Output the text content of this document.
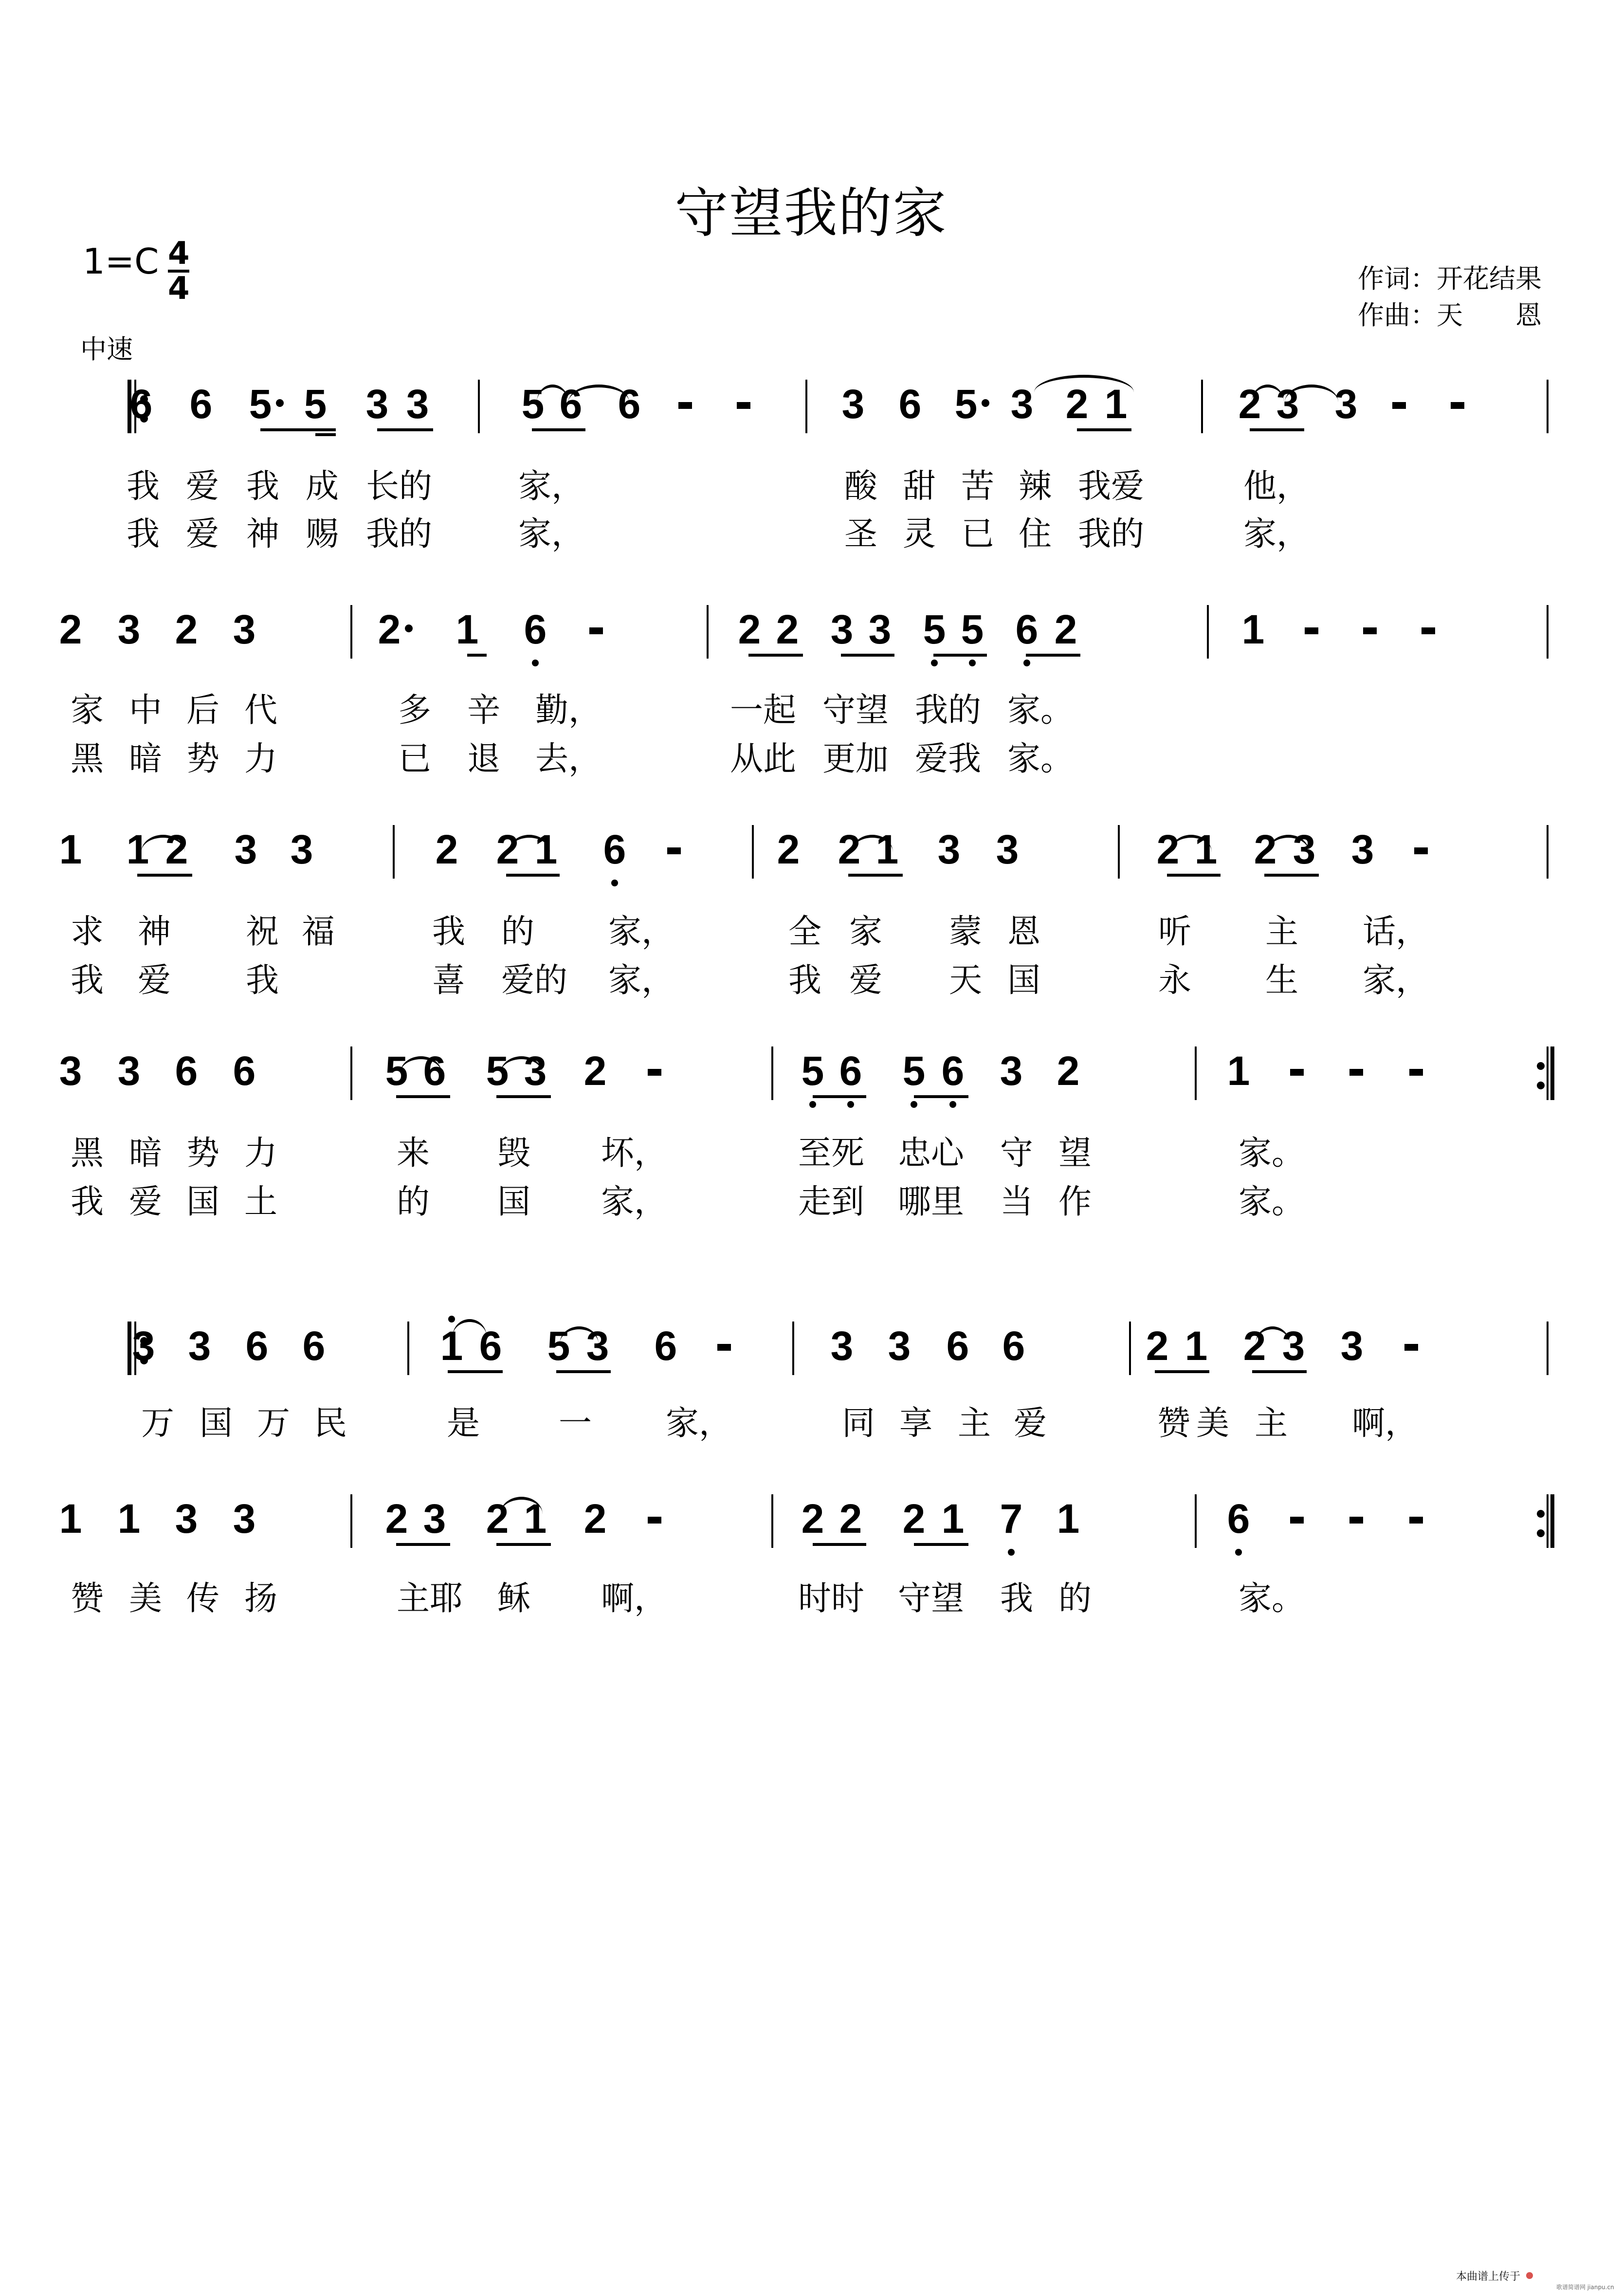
守望我的家
1=C 4
4	作词：开花结果
作曲：天　　恩
中速
6 6 5 5 3 3 5 6 6	3 6 5 3 2 1	2 3 3
我 爱 我 成 长的	家，	酸 甜 苦 辣 我爱	他，
我 爱 神 赐 我的	家，	圣 灵 已 住 我的	家，
2 3 2 3	2 1 6	2 2 3 3 5 5 6 2	1
家 中 后 代	多 辛 勤，	一起 守望 我的 家。
黑 暗 势 力	已 退 去，	从此 更加 爱我 家。
1 1 2 3 3	2 2 1 6	2 2 1 3 3	2 1 2 3 3
求 神 祝 福	我 的 家，	全 家 蒙 恩	听 主 话，
我 爱 我	喜 爱的 家，	我 爱 天 国	永 生 家，
3 3 6 6	5 6 5 3 2	5 6 5 6 3 2	1
黑 暗 势 力	来 毁 坏，	至死 忠心 守 望	家。
我 爱 国 土	的 国 家，	走到 哪里 当 作	家。
3 3 6 6	1 6 5 3 6	3 3 6 6	2 1 2 3 3
万 国 万 民	是 一 家，	同 享 主 爱	赞 美 主 啊，
1 1 3 3	2 3 2 1 2	2 2 2 1 7 1	6
赞 美 传 扬	主耶 稣 啊，	时时 守望 我 的	家。
本曲谱上传于
歌谱简谱网 jianpu.cn
